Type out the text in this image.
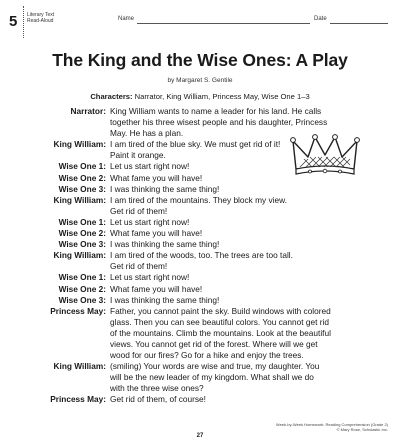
5 Literary Text
Read-Aloud	Name	Date
The King and the Wise Ones: A Play
by Margaret S. Gentile
Characters: Narrator, King William, Princess May, Wise One 1–3
Narrator: King William wants to name a leader for his land. He calls
together his three wisest people and his daughter, Princess
May. He has a plan.
King William: I am tired of the blue sky. We must get rid of it!
Paint it orange.
Wise One 1: Let us start right now!
Wise One 2: What fame you will have!
Wise One 3: I was thinking the same thing!
King William: I am tired of the mountains. They block my view.
Get rid of them!
Wise One 1: Let us start right now!
Wise One 2: What fame you will have!
Wise One 3: I was thinking the same thing!
King William: I am tired of the woods, too. The trees are too tall.
Get rid of them!
Wise One 1: Let us start right now!
Wise One 2: What fame you will have!
Wise One 3: I was thinking the same thing!
Princess May: Father, you cannot paint the sky. Build windows with colored
glass. Then you can see beautiful colors. You cannot get rid
of the mountains. Climb the mountains. Look at the beautiful
views. You cannot get rid of the forest. Where will we get
wood for our fires? Go for a hike and enjoy the trees.
King William: (smiling) Your words are wise and true, my daughter. You
will be the new leader of my kingdom. What shall we do
with the three wise ones?
Princess May: Get rid of them, of course!
Week-by-Week Homework: Reading Comprehension (Grade 2)
© Mary Rose, Scholastic Inc.
27
